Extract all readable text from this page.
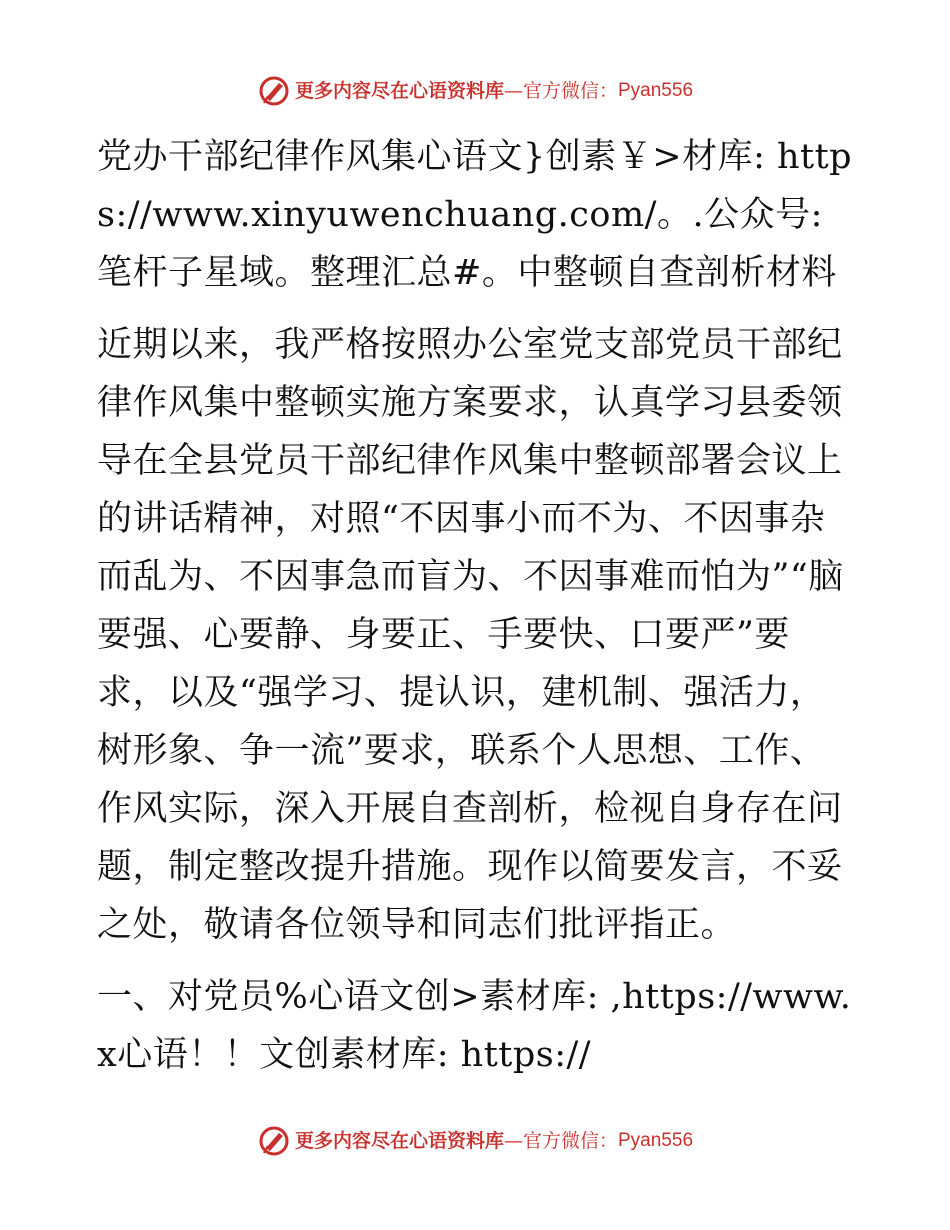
更多内容尽在心语资料库 — 官方微信： Pyan556

党办干部纪律作风集心语文}创素￥>材库: https://www.xinyuwenchuang.com/。.公众号: 笔杆子星域。整理汇总#。中整顿自查剖析材料

近期以来，我严格按照办公室党支部党员干部纪律作风集中整顿实施方案要求，认真学习县委领导在全县党员干部纪律作风集中整顿部署会议上的讲话精神，对照“不因事小而不为、不因事杂而乱为、不因事急而盲为、不因事难而怕为”“脑要强、心要静、身要正、手要快、口要严”要求，以及“强学习、提认识，建机制、强活力，树形象、争一流”要求，联系个人思想、工作、作风实际，深入开展自查剖析，检视自身存在问题，制定整改提升措施。现作以简要发言，不妥之处，敬请各位领导和同志们批评指正。

一、对党员%心语文创>素材库: ,https://www.x心语！！文创素材库: https://

更多内容尽在心语资料库 — 官方微信： Pyan556
